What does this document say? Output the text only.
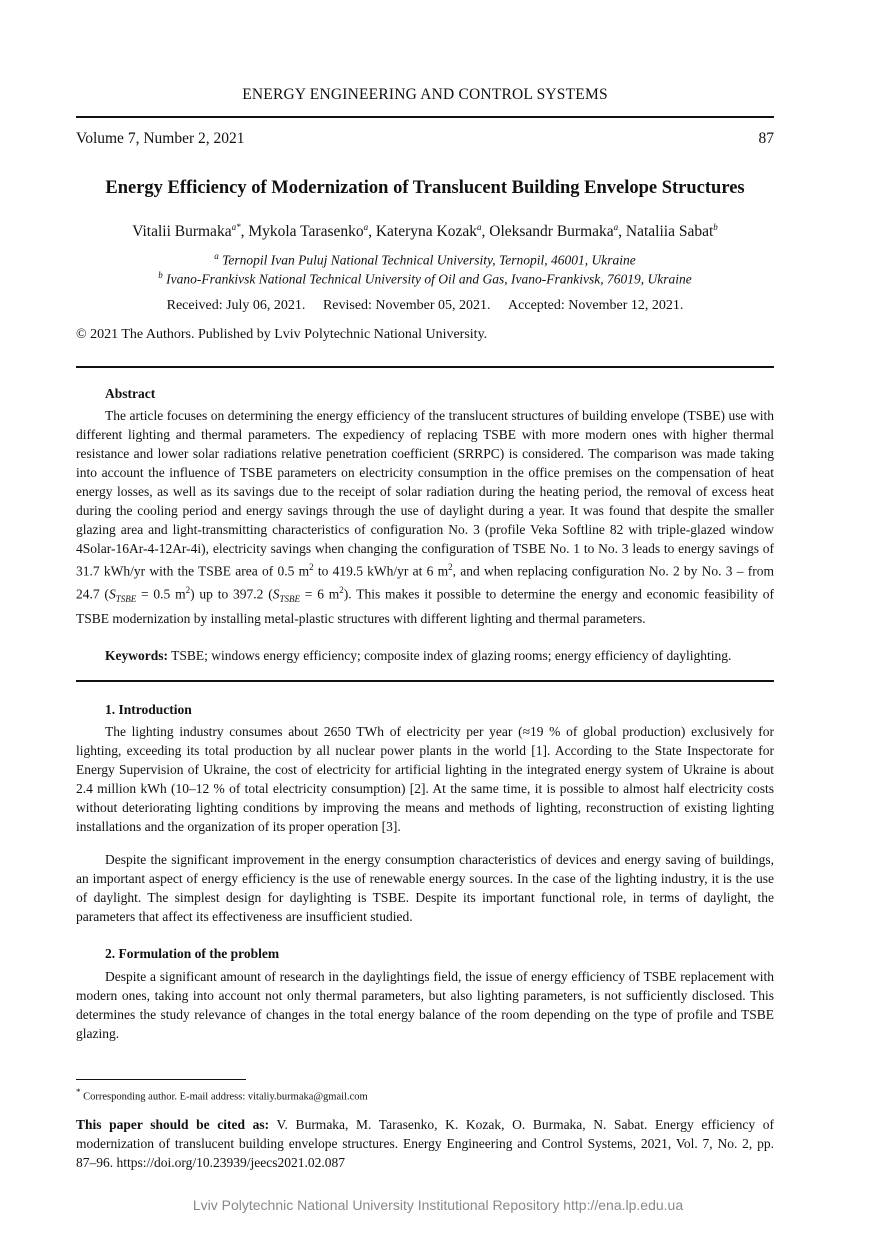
ENERGY ENGINEERING AND CONTROL SYSTEMS
Volume 7, Number 2, 2021	87
Energy Efficiency of Modernization of Translucent Building Envelope Structures
Vitalii Burmaka$^{a*}$, Mykola Tarasenko$^a$, Kateryna Kozak$^a$, Oleksandr Burmaka$^a$, Nataliia Sabat$^b$
$^a$ Ternopil Ivan Puluj National Technical University, Ternopil, 46001, Ukraine
$^b$ Ivano-Frankivsk National Technical University of Oil and Gas, Ivano-Frankivsk, 76019, Ukraine
Received: July 06, 2021. Revised: November 05, 2021. Accepted: November 12, 2021.
© 2021 The Authors. Published by Lviv Polytechnic National University.
Abstract

The article focuses on determining the energy efficiency of the translucent structures of building envelope (TSBE) use with different lighting and thermal parameters. The expediency of replacing TSBE with more modern ones with higher thermal resistance and lower solar radiations relative penetration coefficient (SRRPC) is considered. The comparison was made taking into account the influence of TSBE parameters on electricity consumption in the office premises on the compensation of heat energy losses, as well as its savings due to the receipt of solar radiation during the heating period, the removal of excess heat during the cooling period and energy savings through the use of daylight during a year. It was found that despite the smaller glazing area and light-transmitting characteristics of configuration No. 3 (profile Veka Softline 82 with triple-glazed window 4Solar-16Ar-4-12Ar-4i), electricity savings when changing the configuration of TSBE No. 1 to No. 3 leads to energy savings of 31.7 kWh/yr with the TSBE area of 0.5 $m^2$ to 419.5 kWh/yr at 6 $m^2$, and when replacing configuration No. 2 by No. 3 – from 24.7 ($S_{TSBE} = 0.5$ $m^2$) up to 397.2 ($S_{TSBE} = 6$ $m^2$). This makes it possible to determine the energy and economic feasibility of TSBE modernization by installing metal-plastic structures with different lighting and thermal parameters.

Keywords: TSBE; windows energy efficiency; composite index of glazing rooms; energy efficiency of daylighting.
1. Introduction

The lighting industry consumes about 2650 TWh of electricity per year (≈19 % of global production) exclusively for lighting, exceeding its total production by all nuclear power plants in the world [1]. According to the State Inspectorate for Energy Supervision of Ukraine, the cost of electricity for artificial lighting in the integrated energy system of Ukraine is about 2.4 million kWh (10–12 % of total electricity consumption) [2]. At the same time, it is possible to almost half electricity costs without deteriorating lighting conditions by improving the means and methods of lighting, reconstruction of existing lighting installations and the organization of its proper operation [3].

Despite the significant improvement in the energy consumption characteristics of devices and energy saving of buildings, an important aspect of energy efficiency is the use of renewable energy sources. In the case of the lighting industry, it is the use of daylight. The simplest design for daylighting is TSBE. Despite its important functional role, in terms of daylight, the parameters that affect its effectiveness are insufficient studied.

2. Formulation of the problem

Despite a significant amount of research in the daylightings field, the issue of energy efficiency of TSBE replacement with modern ones, taking into account not only thermal parameters, but also lighting parameters, is not sufficiently disclosed. This determines the study relevance of changes in the total energy balance of the room depending on the type of profile and TSBE glazing.

* Corresponding author. E-mail address: vitaliy.burmaka@gmail.com
This paper should be cited as: V. Burmaka, M. Tarasenko, K. Kozak, O. Burmaka, N. Sabat. Energy efficiency of modernization of translucent building envelope structures. Energy Engineering and Control Systems, 2021, Vol. 7, No. 2, pp. 87–96. https://doi.org/10.23939/jeecs2021.02.087
Lviv Polytechnic National University Institutional Repository http://ena.lp.edu.ua
